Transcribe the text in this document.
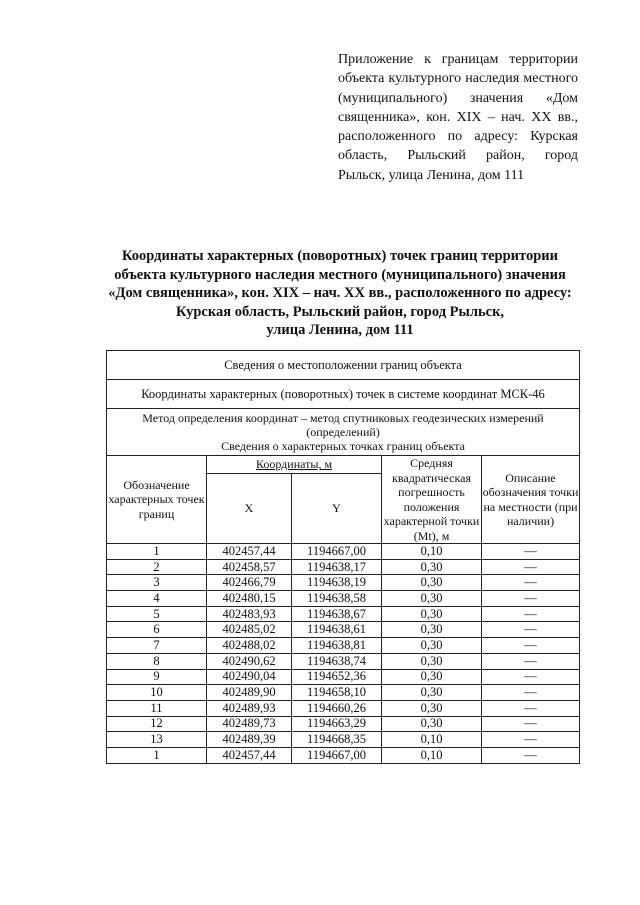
Приложение к границам территории объекта культурного наследия местного (муниципального) значения «Дом священника», кон. XIX – нач. XX вв., расположенного по адресу: Курская область, Рыльский район, город Рыльск, улица Ленина, дом 111
Координаты характерных (поворотных) точек границ территории
объекта культурного наследия местного (муниципального) значения
«Дом священника», кон. XIX – нач. XX вв., расположенного по адресу:
Курская область, Рыльский район, город Рыльск,
улица Ленина, дом 111
Сведения о местоположении границ объекта				
Координаты характерных (поворотных) точек в системе координат МСК-46				

Метод определения координат – метод спутниковых геодезических измерений (определений)
Сведения о характерных точках границ объекта				

Обозначение характерных точек границ	Координаты, м		Средняя квадратическая погрешность положения характерной точки (Mt), м	Описание обозначения точки на местности (при наличии)
	X	Y		
1	402457,44	1194667,00	0,10	—
2	402458,57	1194638,17	0,30	—
3	402466,79	1194638,19	0,30	—
4	402480,15	1194638,58	0,30	—
5	402483,93	1194638,67	0,30	—
6	402485,02	1194638,61	0,30	—
7	402488,02	1194638,81	0,30	—
8	402490,62	1194638,74	0,30	—
9	402490,04	1194652,36	0,30	—
10	402489,90	1194658,10	0,30	—
11	402489,93	1194660,26	0,30	—
12	402489,73	1194663,29	0,30	—
13	402489,39	1194668,35	0,10	—
1	402457,44	1194667,00	0,10	—
